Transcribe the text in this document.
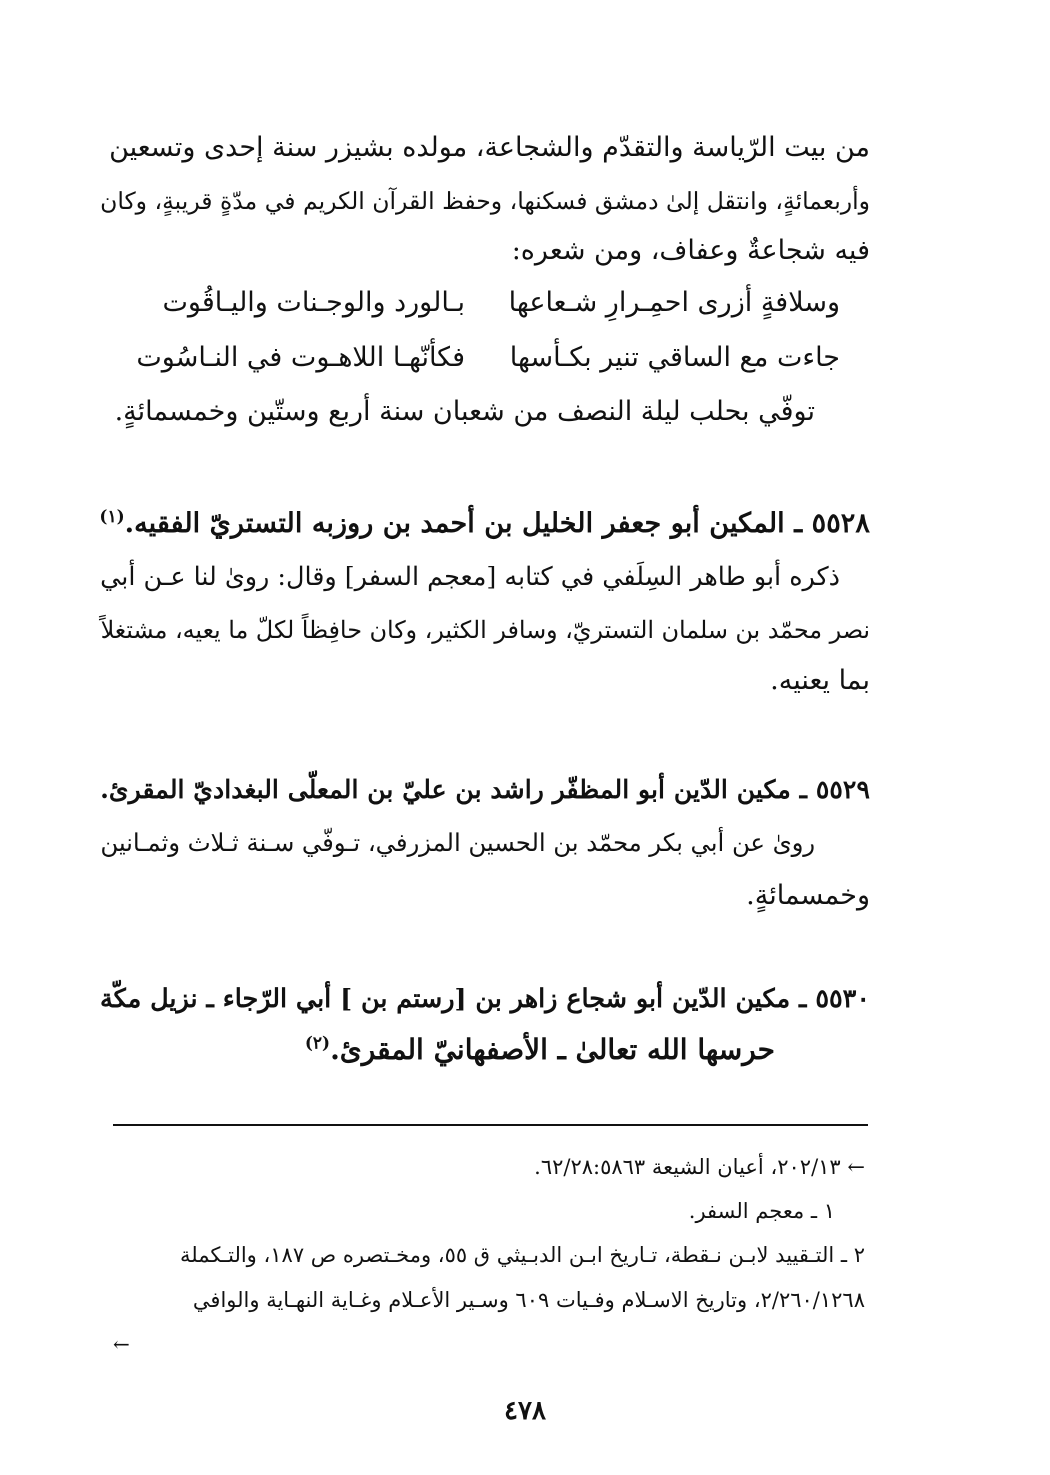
من بيت الرّياسة والتقدّم والشجاعة، مولده بشيزر سنة إحدى وتسعين

وأربعمائةٍ، وانتقل إلىٰ دمشق فسكنها، وحفظ القرآن الكريم في مدّةٍ قريبةٍ، وكان

فيه شجاعةٌ وعفاف، ومن شعره:

وسلافةٍ أزرى احمِـرارِ شـعاعها

بـالورد والوجـنات واليـاقُوت

جاءت مع الساقي تنير بكـأسها

فكأنّهـا اللاهـوت في النـاسُوت

توفّي بحلب ليلة النصف من شعبان سنة أربع وستّين وخمسمائةٍ.

٥٥٢٨ ـ المكين أبو جعفر الخليل بن أحمد بن روزبه التستريّ الفقيه.$^{(١)}$

ذكره أبو طاهر السِلَفي في كتابه [معجم السفر] وقال: روىٰ لنا عـن أبي

نصر محمّد بن سلمان التستريّ، وسافر الكثير، وكان حافِظاً لكلّ ما يعيه، مشتغلاً

بما يعنيه.

٥٥٢٩ ـ مكين الدّين أبو المظفّر راشد بن عليّ بن المعلّى البغداديّ المقرئ.

روىٰ عن أبي بكر محمّد بن الحسين المزرفي، تـوفّي سـنة ثـلاث وثمـانين

وخمسمائةٍ.

٥٥٣٠ ـ مكين الدّين أبو شجاع زاهر بن [رستم بن ] أبي الرّجاء ـ نزيل مكّة

حرسها الله تعالىٰ ـ الأصفهانيّ المقرئ.$^{(٢)}$

← ٢٠٢/١٣، أعيان الشيعة ٦٢/٢٨:٥٨٦٣.

١ ـ معجم السفر.

٢ ـ التـقييد لابـن نـقطة، تـاريخ ابـن الدبـيثي ق ٥٥، ومخـتصره ص ١٨٧، والتـكملة

٢/٢٦٠/١٢٦٨، وتاريخ الاسـلام وفـيات ٦٠٩ وسـير الأعـلام وغـاية النهـاية والوافي

←
٤٧٨
